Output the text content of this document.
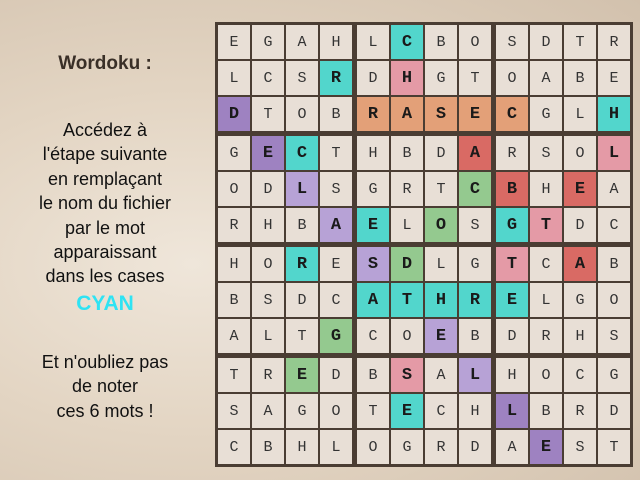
Wordoku :
Accédez à
l'étape suivante
en remplaçant
le nom du fichier
par le mot
apparaissant
dans les cases
CYAN
Et n'oubliez pas
de noter
ces 6 mots !
E	G	A	H	L	C	B	O	S	D	T	R
L	C	S	R	D	H	G	T	O	A	B	E
D	T	O	B	R	A	S	E	C	G	L	H
G	E	C	T	H	B	D	A	R	S	O	L
O	D	L	S	G	R	T	C	B	H	E	A
R	H	B	A	E	L	O	S	G	T	D	C
H	O	R	E	S	D	L	G	T	C	A	B
B	S	D	C	A	T	H	R	E	L	G	O
A	L	T	G	C	O	E	B	D	R	H	S
T	R	E	D	B	S	A	L	H	O	C	G
S	A	G	O	T	E	C	H	L	B	R	D
C	B	H	L	O	G	R	D	A	E	S	T
